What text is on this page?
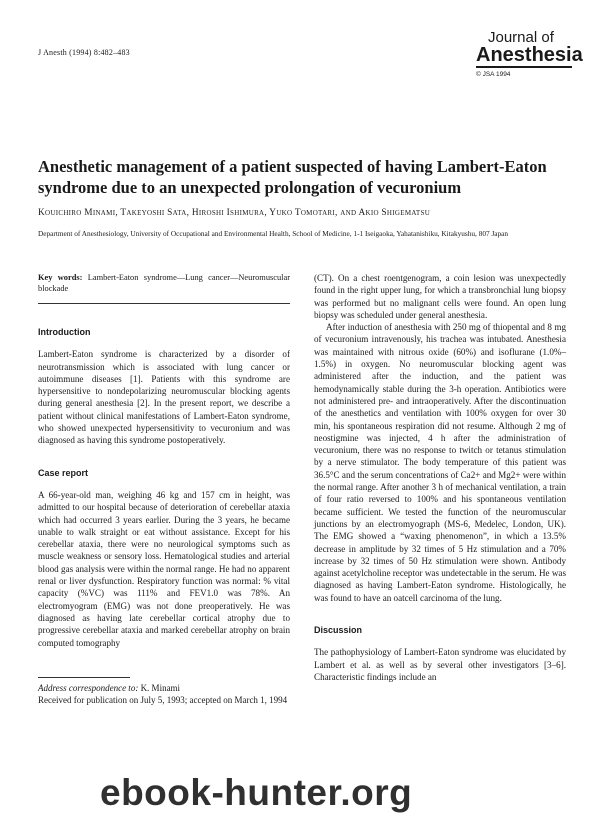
J Anesth (1994) 8:482–483
Journal of
Anesthesia
© JSA 1994
Anesthetic management of a patient suspected of having Lambert-Eaton syndrome due to an unexpected prolongation of vecuronium
Kouichiro Minami, Takeyoshi Sata, Hiroshi Ishimura, Yuko Tomotari, and Akio Shigematsu
Department of Anesthesiology, University of Occupational and Environmental Health, School of Medicine, 1-1 Iseigaoka, Yahatanishiku, Kitakyushu, 807 Japan
Key words: Lambert-Eaton syndrome—Lung cancer—Neuromuscular blockade
Introduction

Lambert-Eaton syndrome is characterized by a disorder of neurotransmission which is associated with lung cancer or autoimmune diseases [1]. Patients with this syndrome are hypersensitive to nondepolarizing neuromuscular blocking agents during general anesthesia [2]. In the present report, we describe a patient without clinical manifestations of Lambert-Eaton syndrome, who showed unexpected hypersensitivity to vecuronium and was diagnosed as having this syndrome postoperatively.

Case report

A 66-year-old man, weighing 46 kg and 157 cm in height, was admitted to our hospital because of deterioration of cerebellar ataxia which had occurred 3 years earlier. During the 3 years, he became unable to walk straight or eat without assistance. Except for his cerebellar ataxia, there were no neurological symptoms such as muscle weakness or sensory loss. Hematological studies and arterial blood gas analysis were within the normal range. He had no apparent renal or liver dysfunction. Respiratory function was normal: % vital capacity (%VC) was 111% and FEV1.0 was 78%. An electromyogram (EMG) was not done preoperatively. He was diagnosed as having late cerebellar cortical atrophy due to progressive cerebellar ataxia and marked cerebellar atrophy on brain computed tomography

Address correspondence to: K. Minami
Received for publication on July 5, 1993; accepted on March 1, 1994

(CT). On a chest roentgenogram, a coin lesion was unexpectedly found in the right upper lung, for which a transbronchial lung biopsy was performed but no malignant cells were found. An open lung biopsy was scheduled under general anesthesia.

After induction of anesthesia with 250 mg of thiopental and 8 mg of vecuronium intravenously, his trachea was intubated. Anesthesia was maintained with nitrous oxide (60%) and isoflurane (1.0%–1.5%) in oxygen. No neuromuscular blocking agent was administered after the induction, and the patient was hemodynamically stable during the 3-h operation. Antibiotics were not administered pre- and intraoperatively. After the discontinuation of the anesthetics and ventilation with 100% oxygen for over 30 min, his spontaneous respiration did not resume. Although 2 mg of neostigmine was injected, 4 h after the administration of vecuronium, there was no response to twitch or tetanus stimulation by a nerve stimulator. The body temperature of this patient was 36.5°C and the serum concentrations of Ca2+ and Mg2+ were within the normal range. After another 3 h of mechanical ventilation, a train of four ratio reversed to 100% and his spontaneous ventilation became sufficient. We tested the function of the neuromuscular junctions by an electromyograph (MS-6, Medelec, London, UK). The EMG showed a “waxing phenomenon”, in which a 13.5% decrease in amplitude by 32 times of 5 Hz stimulation and a 70% increase by 32 times of 50 Hz stimulation were shown. Antibody against acetylcholine receptor was undetectable in the serum. He was diagnosed as having Lambert-Eaton syndrome. Histologically, he was found to have an oatcell carcinoma of the lung.

Discussion

The pathophysiology of Lambert-Eaton syndrome was elucidated by Lambert et al. as well as by several other investigators [3–6]. Characteristic findings include an

ebook-hunter.org
